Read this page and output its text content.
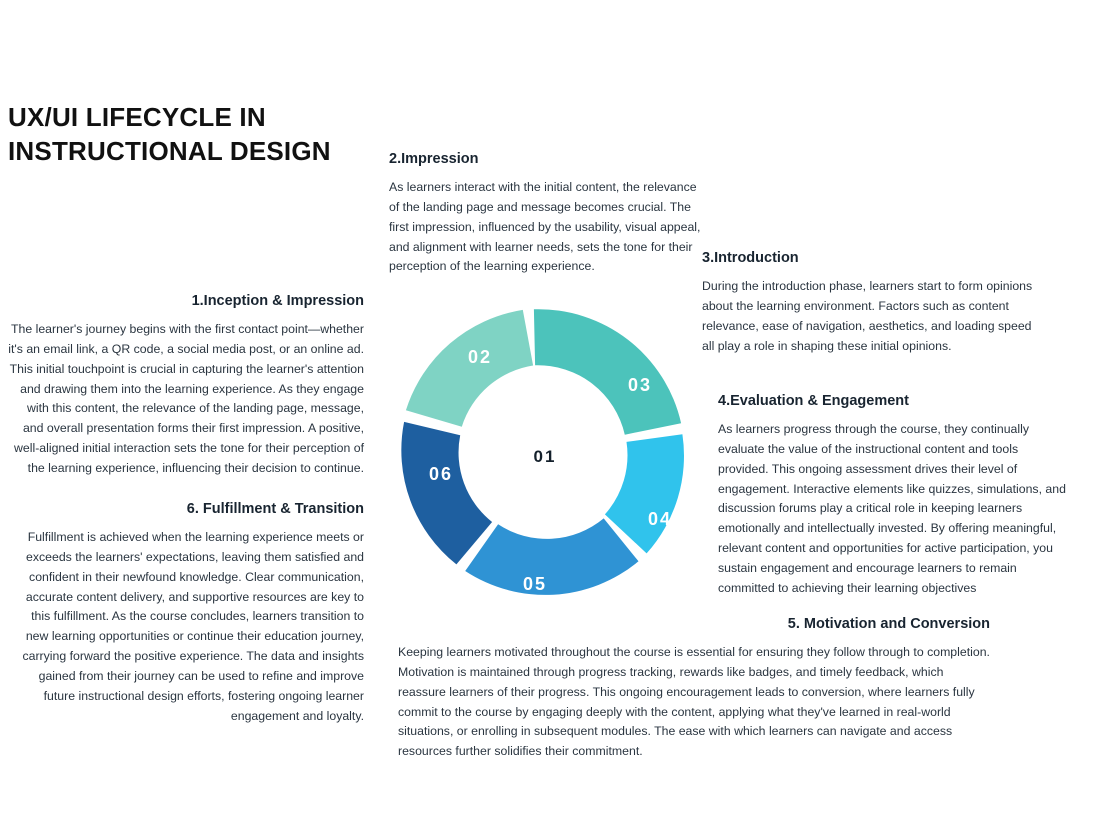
UX/UI LIFECYCLE IN INSTRUCTIONAL DESIGN
02
03
04
05
06
01
1.Inception & Impression
The learner's journey begins with the first contact point—whether it's an email link, a QR code, a social media post, or an online ad. This initial touchpoint is crucial in capturing the learner's attention and drawing them into the learning experience. As they engage with this content, the relevance of the landing page, message, and overall presentation forms their first impression. A positive, well-aligned initial interaction sets the tone for their perception of the learning experience, influencing their decision to continue.
2.Impression
As learners interact with the initial content, the relevance of the landing page and message becomes crucial. The first impression, influenced by the usability, visual appeal, and alignment with learner needs, sets the tone for their perception of the learning experience.
3.Introduction
During the introduction phase, learners start to form opinions about the learning environment. Factors such as content relevance, ease of navigation, aesthetics, and loading speed all play a role in shaping these initial opinions.
4.Evaluation & Engagement
As learners progress through the course, they continually evaluate the value of the instructional content and tools provided. This ongoing assessment drives their level of engagement. Interactive elements like quizzes, simulations, and discussion forums play a critical role in keeping learners emotionally and intellectually invested. By offering meaningful, relevant content and opportunities for active participation, you sustain engagement and encourage learners to remain committed to achieving their learning objectives
5. Motivation and Conversion
Keeping learners motivated throughout the course is essential for ensuring they follow through to completion. Motivation is maintained through progress tracking, rewards like badges, and timely feedback, which reassure learners of their progress. This ongoing encouragement leads to conversion, where learners fully commit to the course by engaging deeply with the content, applying what they've learned in real-world situations, or enrolling in subsequent modules. The ease with which learners can navigate and access resources further solidifies their commitment.
6. Fulfillment & Transition
Fulfillment is achieved when the learning experience meets or exceeds the learners' expectations, leaving them satisfied and confident in their newfound knowledge. Clear communication, accurate content delivery, and supportive resources are key to this fulfillment. As the course concludes, learners transition to new learning opportunities or continue their education journey, carrying forward the positive experience. The data and insights gained from their journey can be used to refine and improve future instructional design efforts, fostering ongoing learner engagement and loyalty.
